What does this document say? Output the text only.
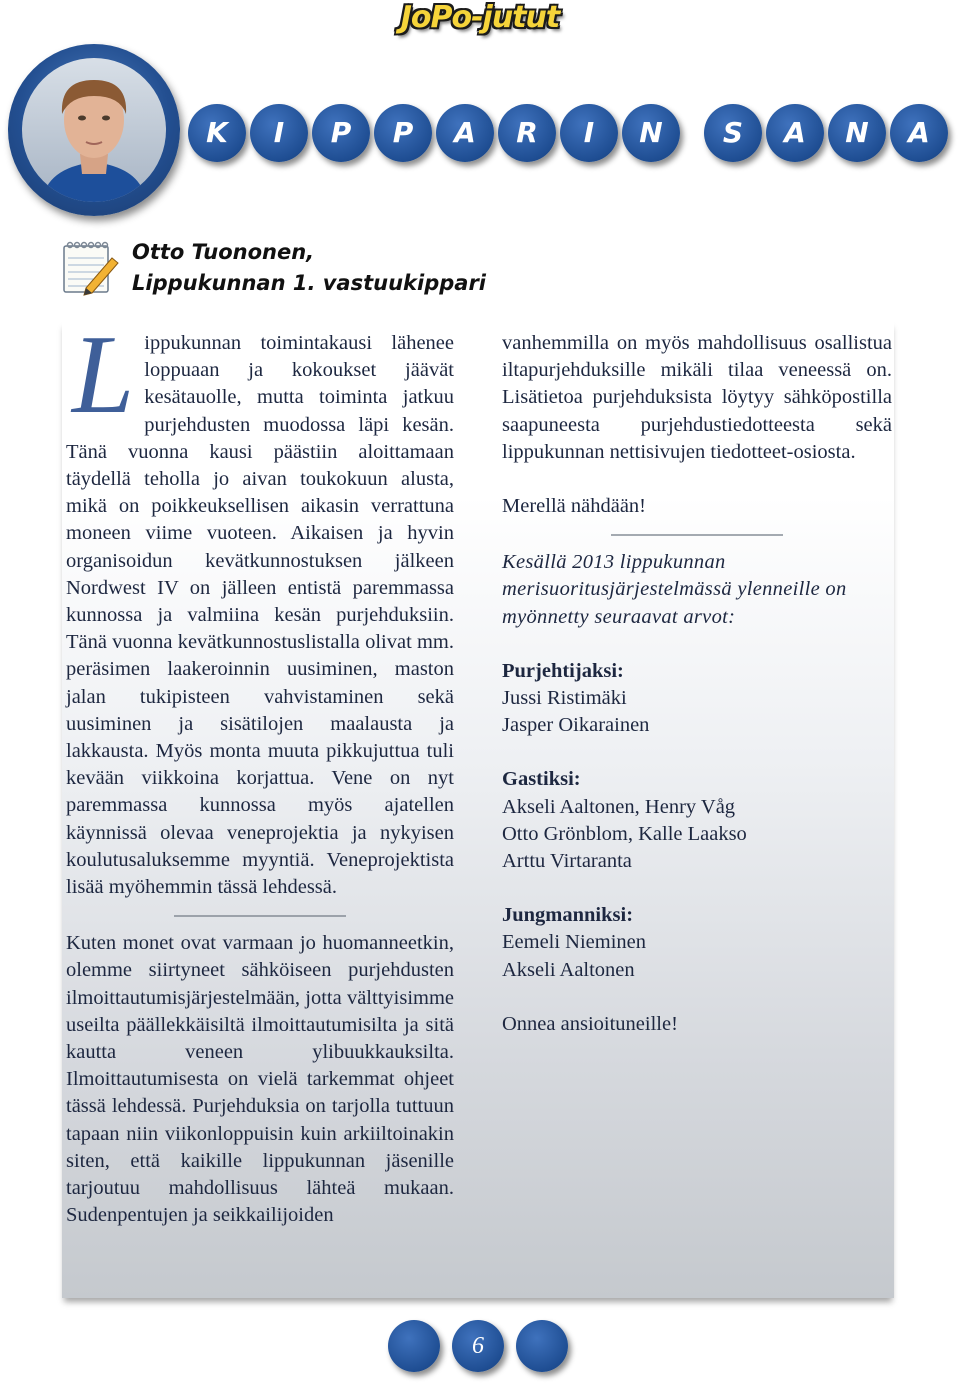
JoPo-jutut
K	I	P	P	A	R	I	N	S	A	N	A
Otto Tuononen,
Lippukunnan 1. vastuukippari

Lippukunnan toimintakausi lähenee loppuaan ja kokoukset jäävät kesätauolle, mutta toiminta jatkuu purjehdusten muodossa läpi kesän. Tänä vuonna kausi päästiin aloittamaan täydellä teholla jo aivan toukokuun alusta, mikä on poikkeuksellisen aikasin verrattuna moneen viime vuoteen. Aikaisen ja hyvin organisoidun kevätkunnostuksen jälkeen Nordwest IV on jälleen entistä paremmassa kunnossa ja valmiina kesän purjehduksiin. Tänä vuonna kevätkunnostuslistalla olivat mm. peräsimen laakeroinnin uusiminen, maston jalan tukipisteen vahvistaminen sekä uusiminen ja sisätilojen maalausta ja lakkausta. Myös monta muuta pikkujuttua tuli kevään viikkoina korjattua. Vene on nyt paremmassa kunnossa myös ajatellen käynnissä olevaa veneprojektia ja nykyisen koulutusaluksemme myyntiä. Veneprojektista lisää myöhemmin tässä lehdessä.

Kuten monet ovat varmaan jo huomanneetkin, olemme siirtyneet sähköiseen purjehdusten ilmoittautumisjärjestelmään, jotta välttyisimme useilta päällekkäisiltä ilmoittautumisilta ja sitä kautta veneen ylibuukkauksilta. Ilmoittautumisesta on vielä tarkemmat ohjeet tässä lehdessä. Purjehduksia on tarjolla tuttuun tapaan niin viikonloppuisin kuin arkiiltoinakin siten, että kaikille lippukunnan jäsenille tarjoutuu mahdollisuus lähteä mukaan. Sudenpentujen ja seikkailijoiden

vanhemmilla on myös mahdollisuus osallistua iltapurjehduksille mikäli tilaa veneessä on. Lisätietoa purjehduksista löytyy sähköpostilla saapuneesta purjehdustiedotteesta sekä lippukunnan nettisivujen tiedotteet-osiosta.

Merellä nähdään!

Kesällä 2013 lippukunnan merisuoritusjärjestelmässä ylenneille on myönnetty seuraavat arvot:

Purjehtijaksi:

Jussi Ristimäki

Jasper Oikarainen

Gastiksi:

Akseli Aaltonen, Henry Våg

Otto Grönblom, Kalle Laakso

Arttu Virtaranta

Jungmanniksi:

Eemeli Nieminen

Akseli Aaltonen

Onnea ansioituneille!

6
